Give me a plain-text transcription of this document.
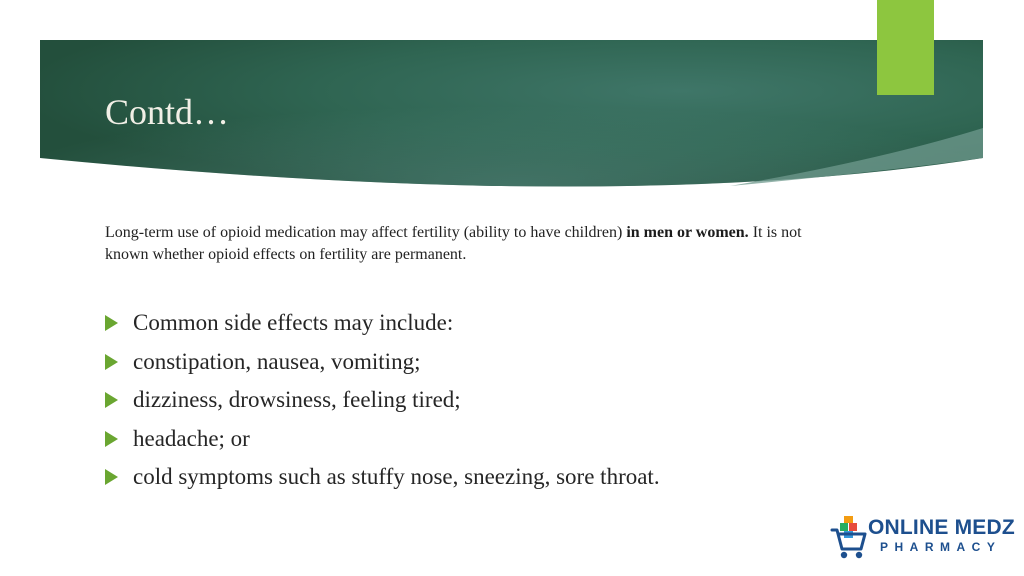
Contd…

Long-term use of opioid medication may affect fertility (ability to have children) in men or women. It is not known whether opioid effects on fertility are permanent.

Common side effects may include:
constipation, nausea, vomiting;
dizziness, drowsiness, feeling tired;
headache; or
cold symptoms such as stuffy nose, sneezing, sore throat.
ONLINE MEDZ
PHARMACY
